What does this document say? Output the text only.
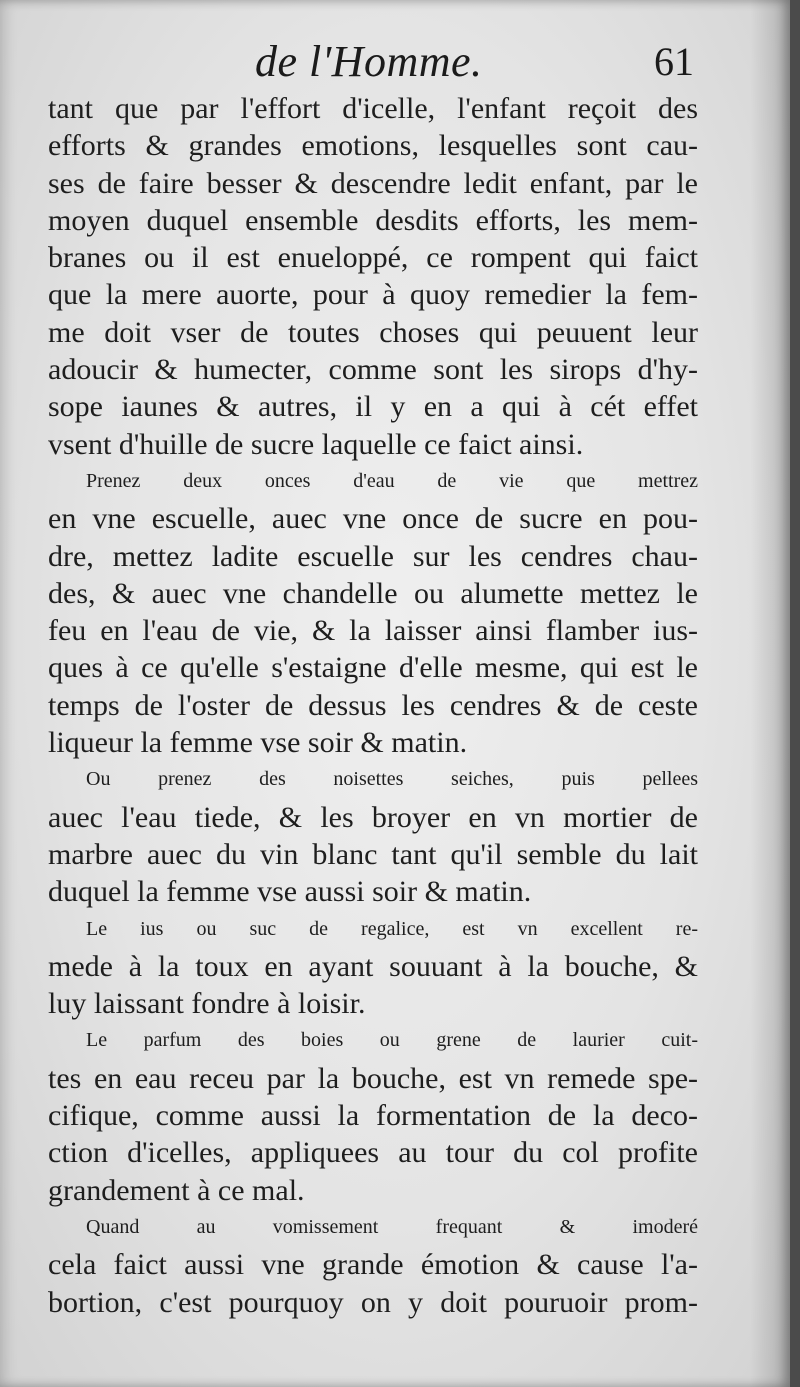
de l'Homme.	61
tant que par l'effort d'icelle, l'enfant reçoit des
efforts & grandes emotions, lesquelles sont cau-
ses de faire besser & descendre ledit enfant, par le
moyen duquel ensemble desdits efforts, les mem-
branes ou il est enueloppé, ce rompent qui faict
que la mere auorte, pour à quoy remedier la fem-
me doit vser de toutes choses qui peuuent leur
adoucir & humecter, comme sont les sirops d'hy-
sope iaunes & autres, il y en a qui à cét effet
vsent d'huille de sucre laquelle ce faict ainsi.
Prenez deux onces d'eau de vie que mettrez
en vne escuelle, auec vne once de sucre en pou-
dre, mettez ladite escuelle sur les cendres chau-
des, & auec vne chandelle ou alumette mettez le
feu en l'eau de vie, & la laisser ainsi flamber ius-
ques à ce qu'elle s'estaigne d'elle mesme, qui est le
temps de l'oster de dessus les cendres & de ceste
liqueur la femme vse soir & matin.
Ou prenez des noisettes seiches, puis pellees
auec l'eau tiede, & les broyer en vn mortier de
marbre auec du vin blanc tant qu'il semble du lait
duquel la femme vse aussi soir & matin.
Le ius ou suc de regalice, est vn excellent re-
mede à la toux en ayant souuant à la bouche, &
luy laissant fondre à loisir.
Le parfum des boies ou grene de laurier cuit-
tes en eau receu par la bouche, est vn remede spe-
cifique, comme aussi la formentation de la deco-
ction d'icelles, appliquees au tour du col profite
grandement à ce mal.
Quand au vomissement frequant & imoderé
cela faict aussi vne grande émotion & cause l'a-
bortion, c'est pourquoy on y doit pouruoir prom-
